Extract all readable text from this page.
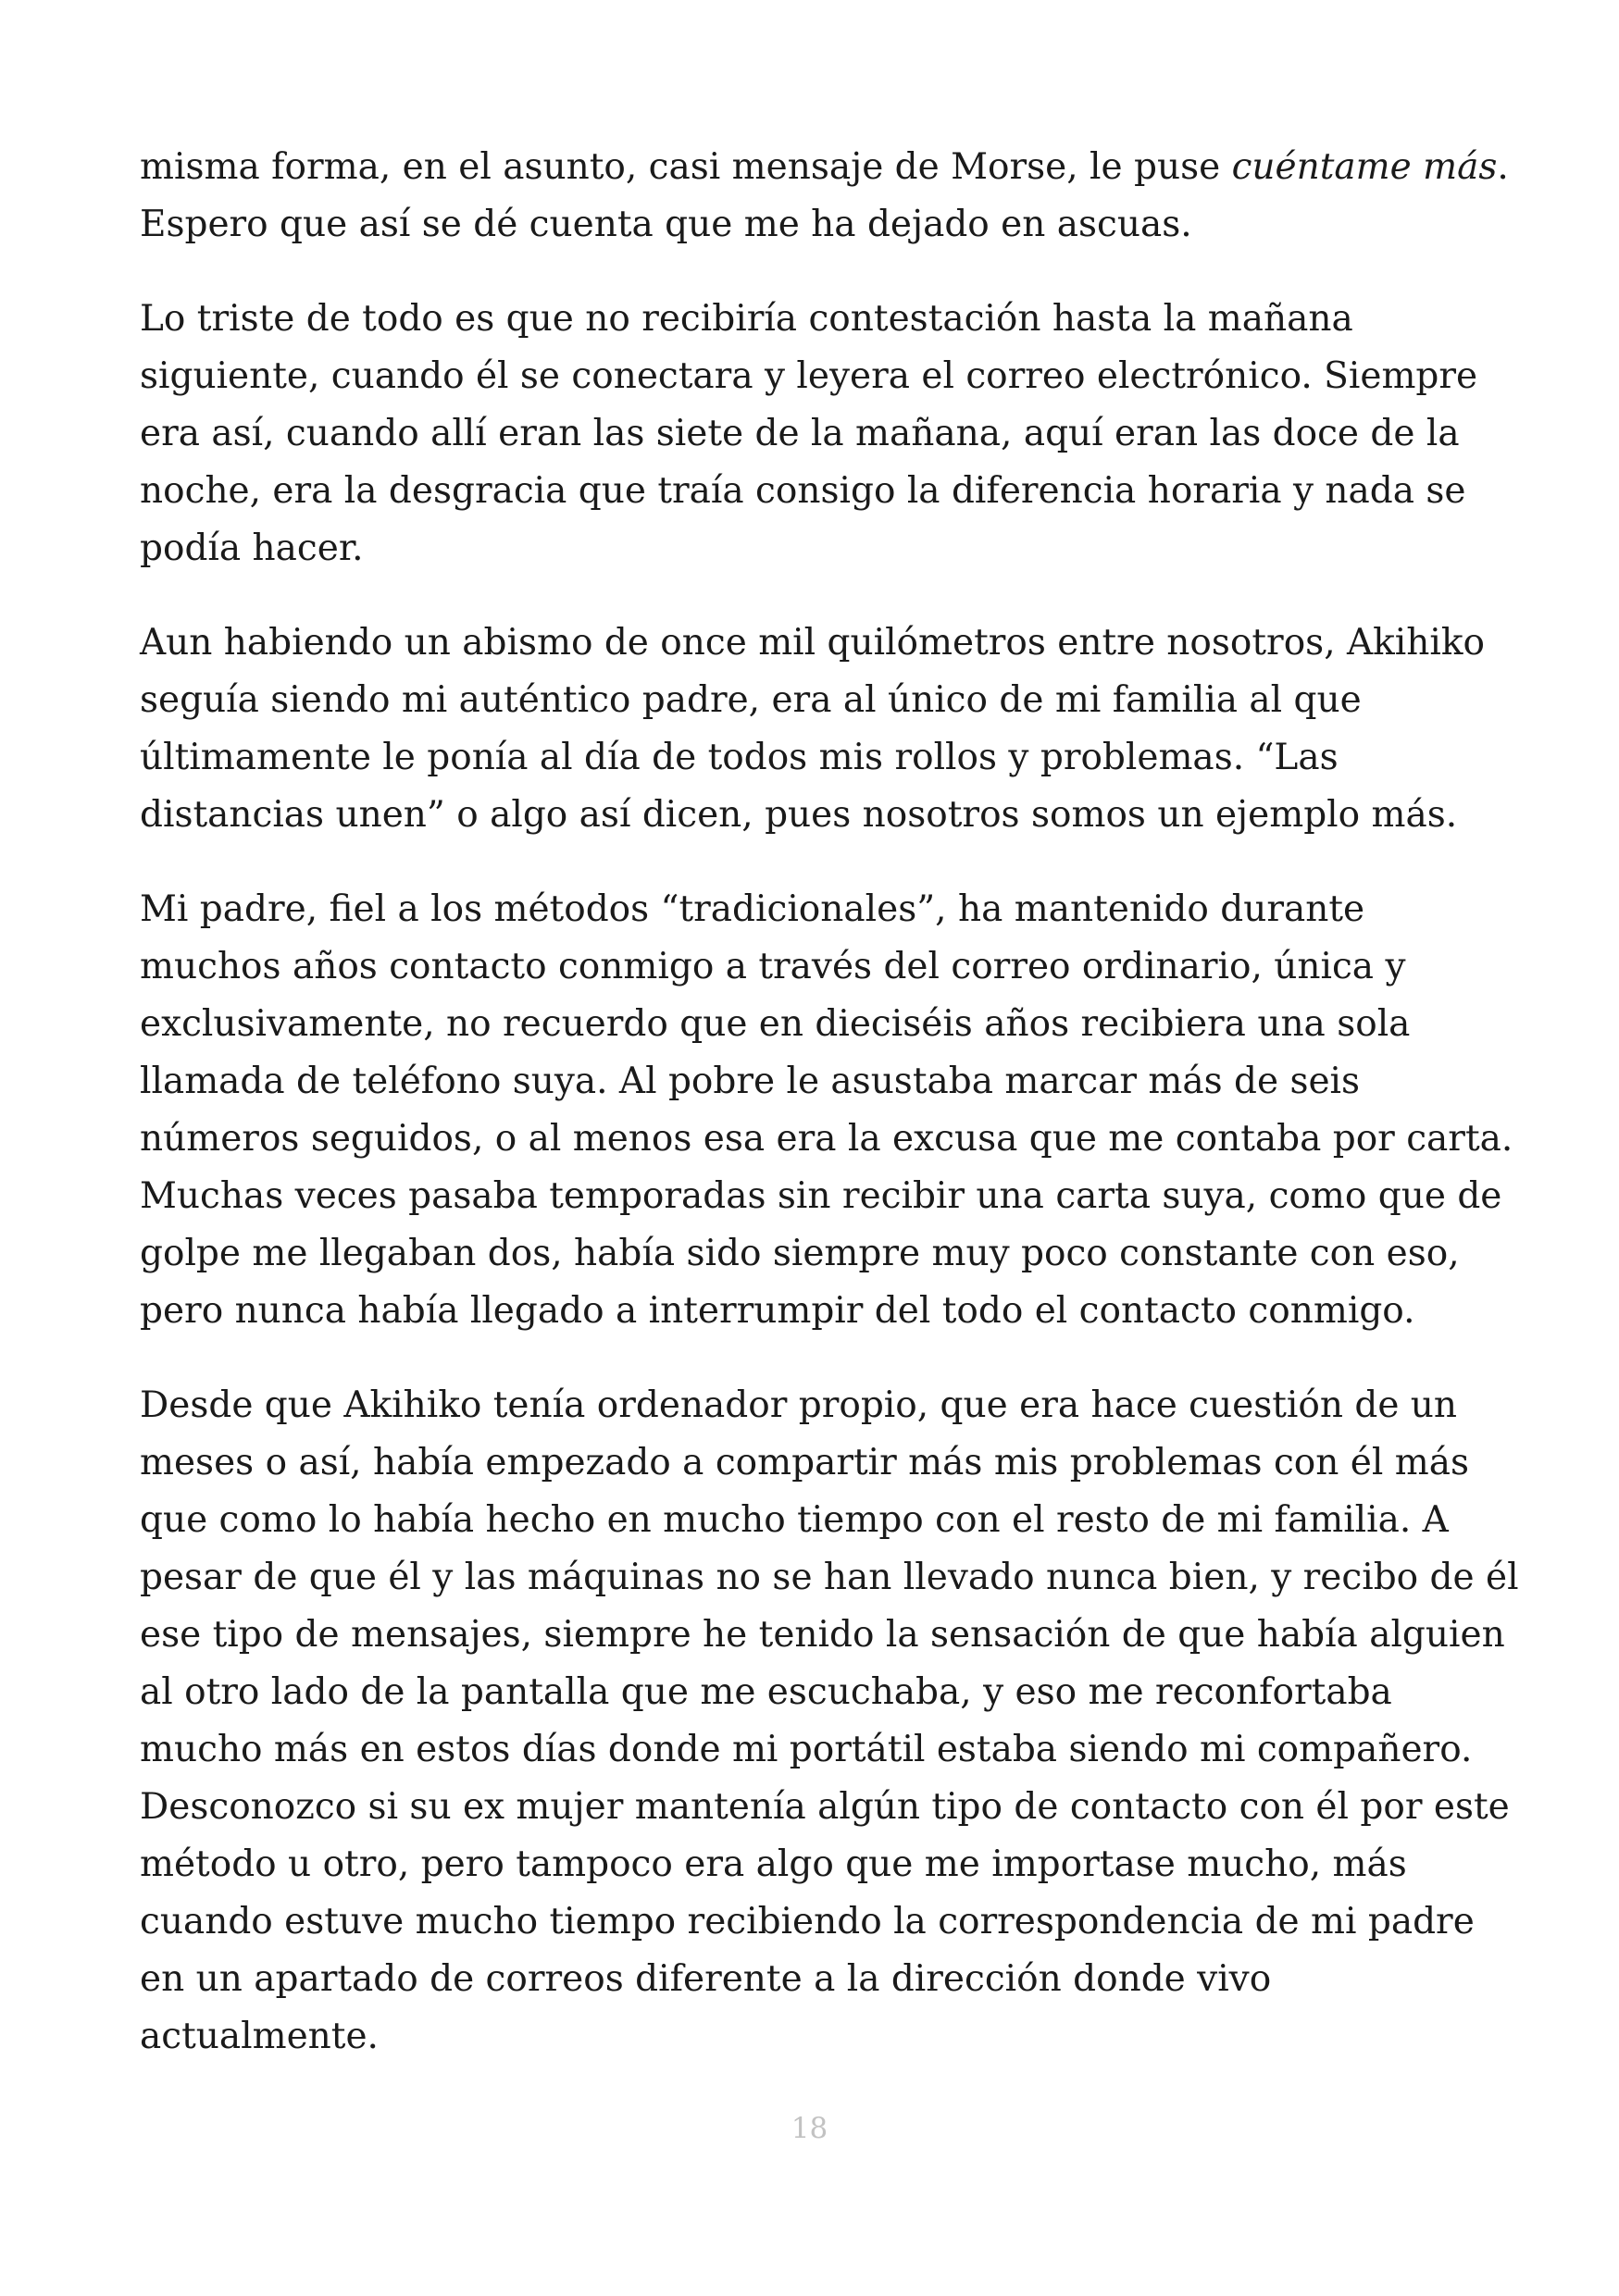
misma forma, en el asunto, casi mensaje de Morse, le puse cuéntame más.
Espero que así se dé cuenta que me ha dejado en ascuas.
Lo triste de todo es que no recibiría contestación hasta la mañana
siguiente, cuando él se conectara y leyera el correo electrónico. Siempre
era así, cuando allí eran las siete de la mañana, aquí eran las doce de la
noche, era la desgracia que traía consigo la diferencia horaria y nada se
podía hacer.
Aun habiendo un abismo de once mil quilómetros entre nosotros, Akihiko
seguía siendo mi auténtico padre, era al único de mi familia al que
últimamente le ponía al día de todos mis rollos y problemas. “Las
distancias unen” o algo así dicen, pues nosotros somos un ejemplo más.
Mi padre, fiel a los métodos “tradicionales”, ha mantenido durante
muchos años contacto conmigo a través del correo ordinario, única y
exclusivamente, no recuerdo que en dieciséis años recibiera una sola
llamada de teléfono suya. Al pobre le asustaba marcar más de seis
números seguidos, o al menos esa era la excusa que me contaba por carta.
Muchas veces pasaba temporadas sin recibir una carta suya, como que de
golpe me llegaban dos, había sido siempre muy poco constante con eso,
pero nunca había llegado a interrumpir del todo el contacto conmigo.
Desde que Akihiko tenía ordenador propio, que era hace cuestión de un
meses o así, había empezado a compartir más mis problemas con él más
que como lo había hecho en mucho tiempo con el resto de mi familia. A
pesar de que él y las máquinas no se han llevado nunca bien, y recibo de él
ese tipo de mensajes, siempre he tenido la sensación de que había alguien
al otro lado de la pantalla que me escuchaba, y eso me reconfortaba
mucho más en estos días donde mi portátil estaba siendo mi compañero.
Desconozco si su ex mujer mantenía algún tipo de contacto con él por este
método u otro, pero tampoco era algo que me importase mucho, más
cuando estuve mucho tiempo recibiendo la correspondencia de mi padre
en un apartado de correos diferente a la dirección donde vivo
actualmente.
18
